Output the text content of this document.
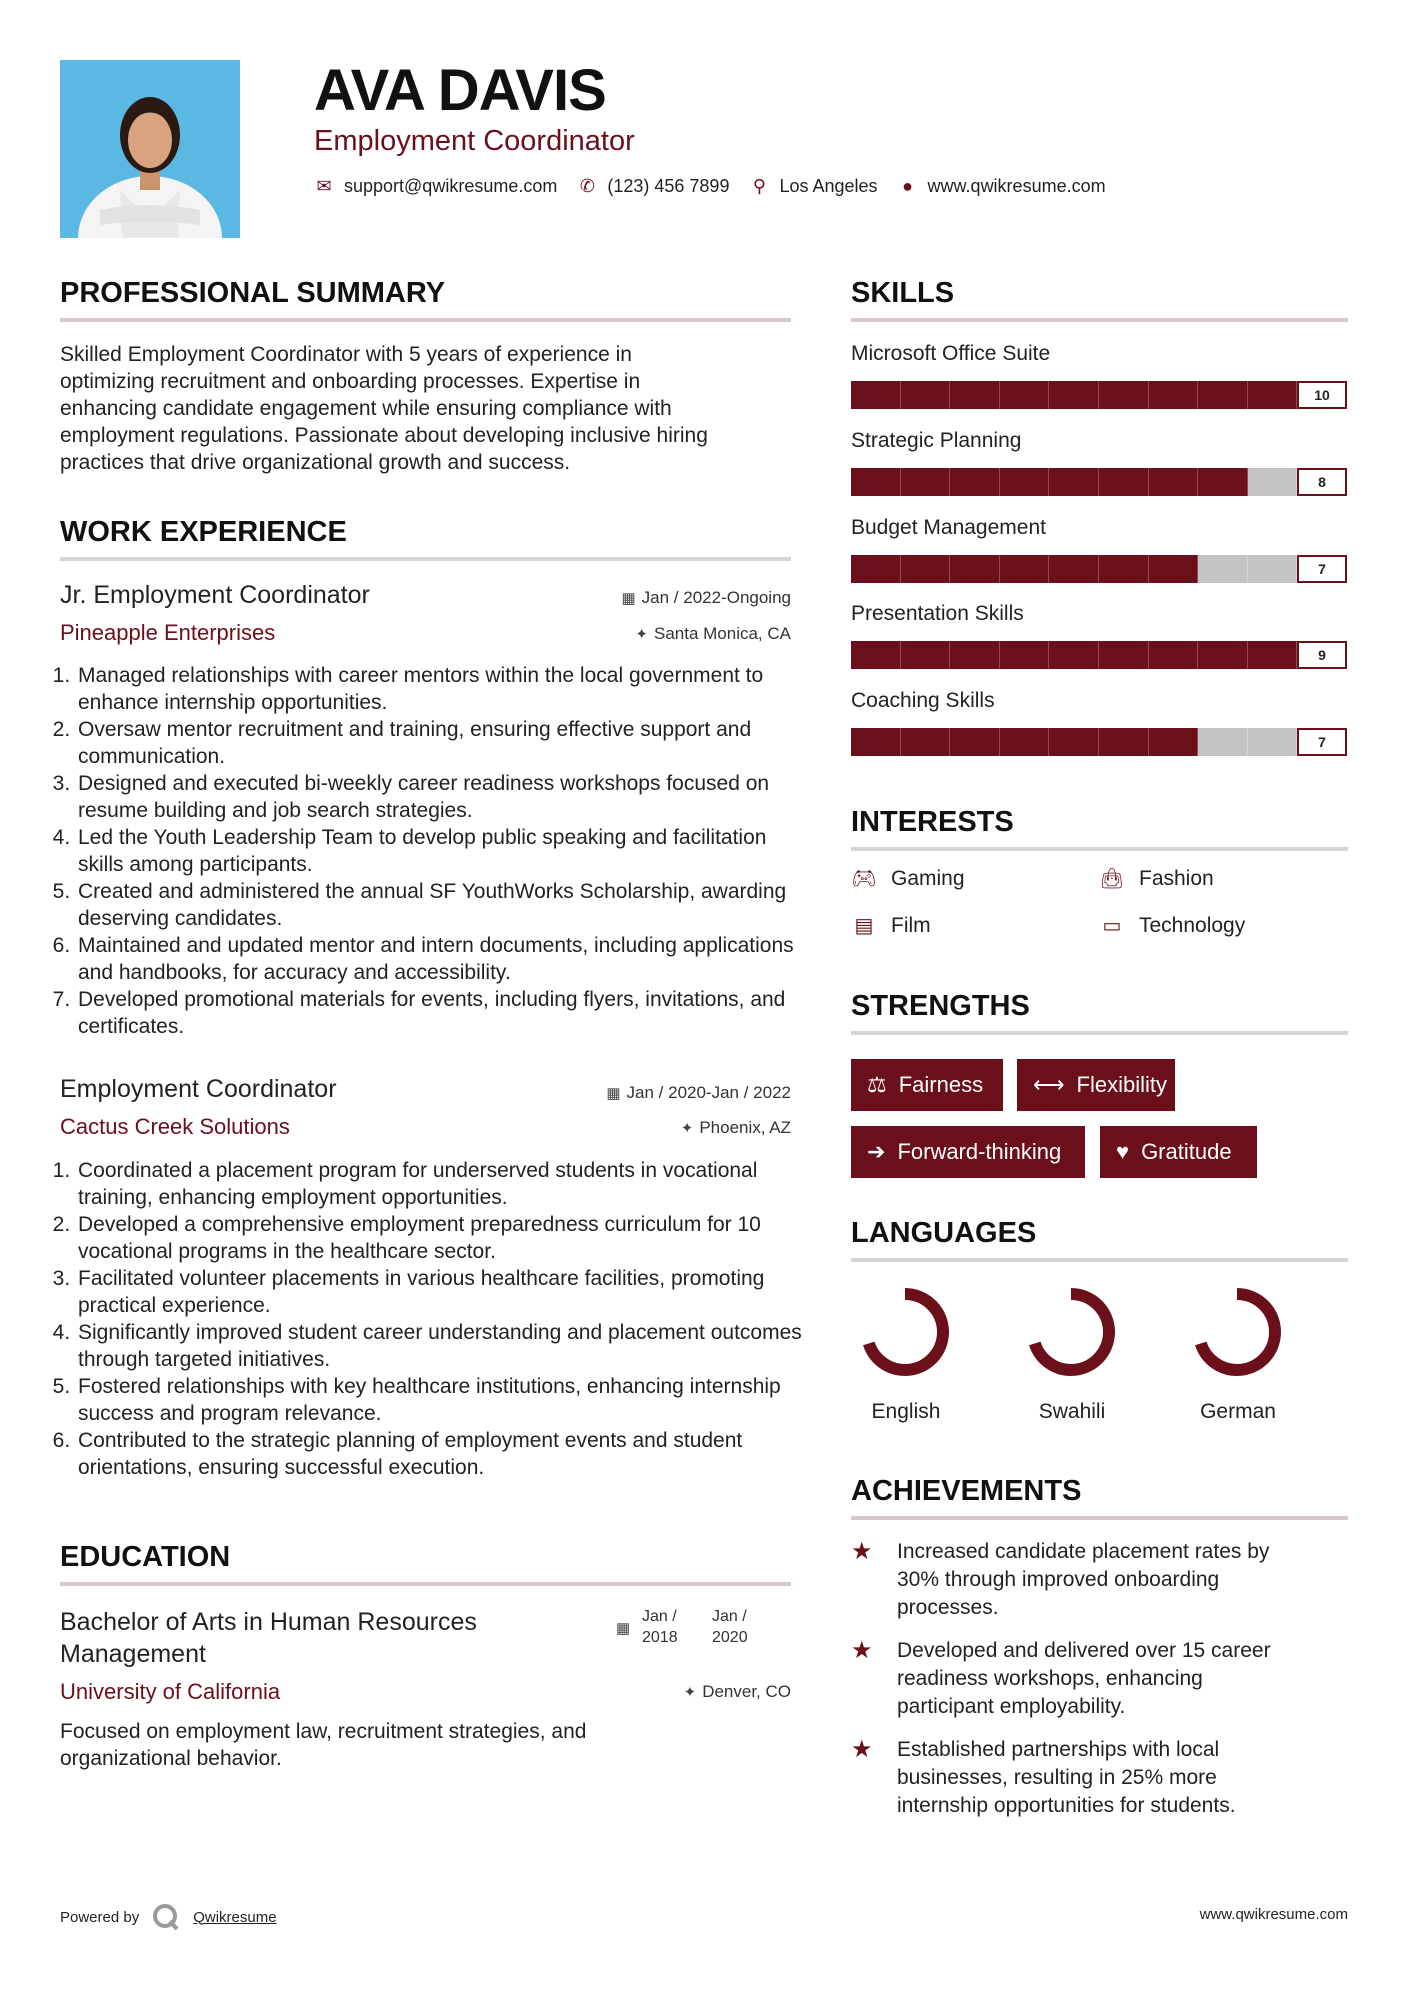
AVA DAVIS
Employment Coordinator
✉ support@qwikresume.com ✆ (123) 456 7899 ⚲ Los Angeles ● www.qwikresume.com
PROFESSIONAL SUMMARY
Skilled Employment Coordinator with 5 years of experience in
optimizing recruitment and onboarding processes. Expertise in
enhancing candidate engagement while ensuring compliance with
employment regulations. Passionate about developing inclusive hiring
practices that drive organizational growth and success.
WORK EXPERIENCE
Jr. Employment Coordinator	▦ Jan / 2022-Ongoing
Pineapple Enterprises	✦ Santa Monica, CA
1. Managed relationships with career mentors within the local government to enhance internship opportunities.
2. Oversaw mentor recruitment and training, ensuring effective support and communication.
3. Designed and executed bi-weekly career readiness workshops focused on resume building and job search strategies.
4. Led the Youth Leadership Team to develop public speaking and facilitation skills among participants.
5. Created and administered the annual SF YouthWorks Scholarship, awarding deserving candidates.
6. Maintained and updated mentor and intern documents, including applications and handbooks, for accuracy and accessibility.
7. Developed promotional materials for events, including flyers, invitations, and certificates.
Employment Coordinator	▦ Jan / 2020-Jan / 2022
Cactus Creek Solutions	✦ Phoenix, AZ
1. Coordinated a placement program for underserved students in vocational training, enhancing employment opportunities.
2. Developed a comprehensive employment preparedness curriculum for 10 vocational programs in the healthcare sector.
3. Facilitated volunteer placements in various healthcare facilities, promoting practical experience.
4. Significantly improved student career understanding and placement outcomes through targeted initiatives.
5. Fostered relationships with key healthcare institutions, enhancing internship success and program relevance.
6. Contributed to the strategic planning of employment events and student orientations, ensuring successful execution.
EDUCATION
Bachelor of Arts in Human Resources
Management
▦
Jan /
2018
Jan /
2020
University of California	✦ Denver, CO
Focused on employment law, recruitment strategies, and
organizational behavior.
SKILLS
Microsoft Office Suite
10
Strategic Planning
8
Budget Management
7
Presentation Skills
9
Coaching Skills
7
INTERESTS
🎮︎ Gaming	👜︎ Fashion
▤ Film	▭ Technology
STRENGTHS
⚖ Fairness ⟷ Flexibility
➔ Forward-thinking ♥ Gratitude
LANGUAGES
English	Swahili	German
ACHIEVEMENTS
★	Increased candidate placement rates by
30% through improved onboarding
processes.
★	Developed and delivered over 15 career
readiness workshops, enhancing
participant employability.
★	Established partnerships with local
businesses, resulting in 25% more
internship opportunities for students.
Powered by	Qwikresume	www.qwikresume.com
